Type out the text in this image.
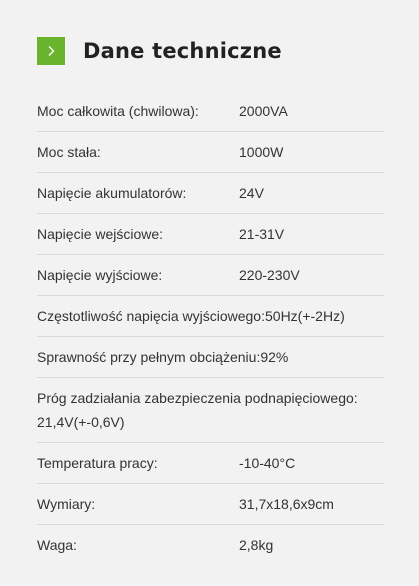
Dane techniczne
Moc całkowita (chwilowa):	2000VA
Moc stała:	1000W
Napięcie akumulatorów:	24V
Napięcie wejściowe:	21-31V
Napięcie wyjściowe:	220-230V
Częstotliwość napięcia wyjściowego:50Hz(+-2Hz)
Sprawność przy pełnym obciążeniu:92%
Próg zadziałania zabezpieczenia podnapięciowego:
21,4V(+-0,6V)
Temperatura pracy:	-10-40°C
Wymiary:	31,7x18,6x9cm
Waga:	2,8kg
